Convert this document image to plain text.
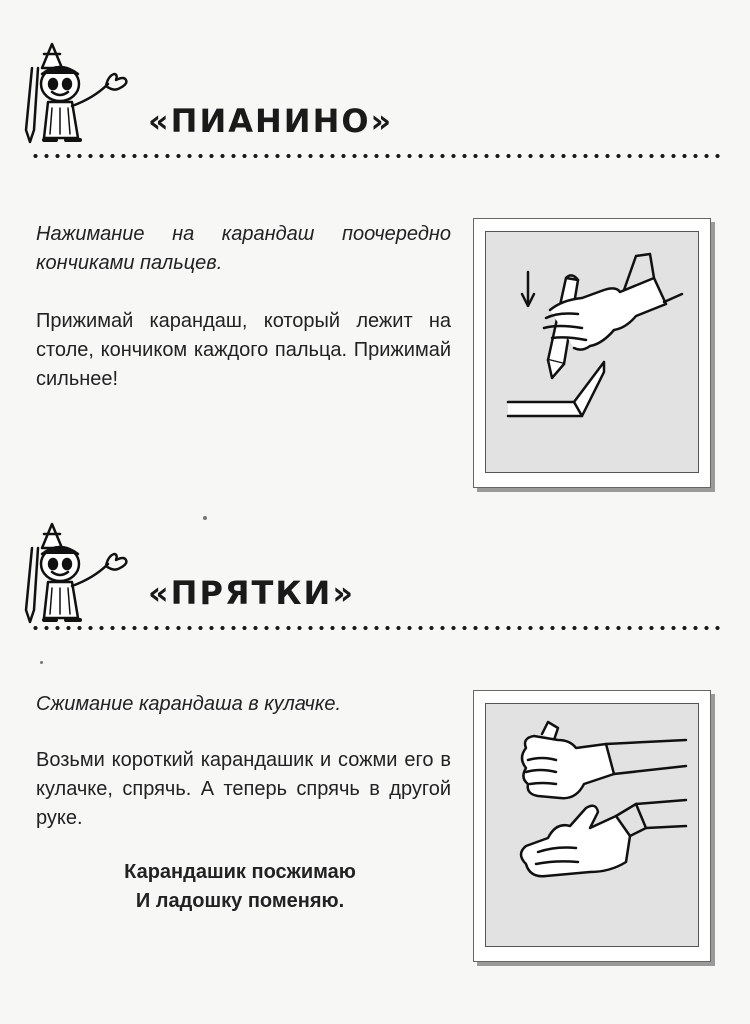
«ПИАНИНО»

Нажимание на карандаш поочередно кончиками пальцев.

Прижимай карандаш, который лежит на столе, кончиком каждого пальца. Прижимай сильнее!

«ПРЯТКИ»

Сжимание карандаша в кулачке.

Возьми короткий карандашик и сожми его в кулачке, спрячь. А теперь спрячь в другой руке.

Карандашик посжимаю
И ладошку поменяю.
